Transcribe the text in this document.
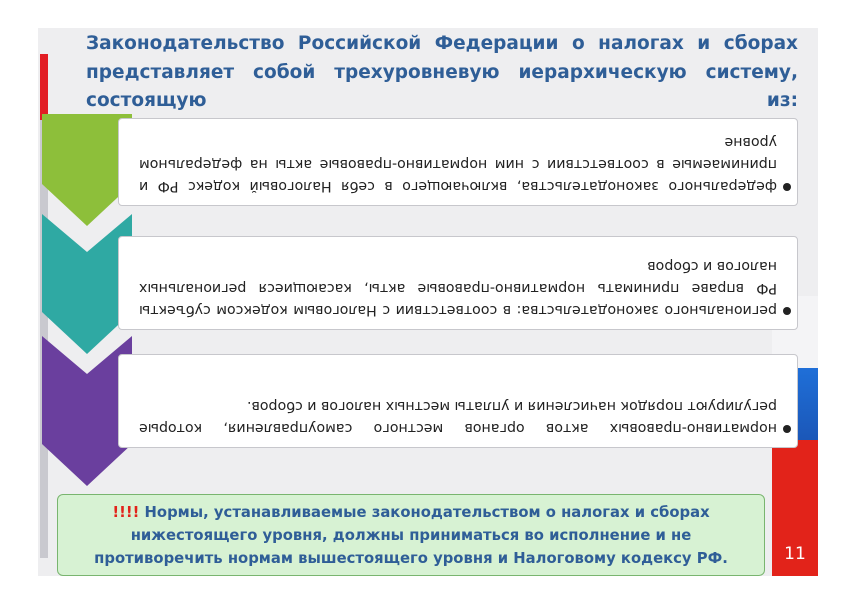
Законодательство Российской Федерации о налогах и сборах представляет собой трехуровневую иерархическую систему, состоящую из:
федерального законодательства, включающего в себя Налоговый кодекс РФ и принимаемые в соответствии с ним нормативно-правовые акты на федеральном уровне
регионального законодательства: в соответствии с Налоговым кодексом субъекты РФ вправе принимать нормативно-правовые акты, касающиеся региональных налогов и сборов
нормативно-правовых актов органов местного самоуправления, которые регулируют порядок начисления и уплаты местных налогов и сборов.
!!!! Нормы, устанавливаемые законодательством о налогах и сборах нижестоящего уровня, должны приниматься во исполнение и не противоречить нормам вышестоящего уровня и Налоговому кодексу РФ.	11
